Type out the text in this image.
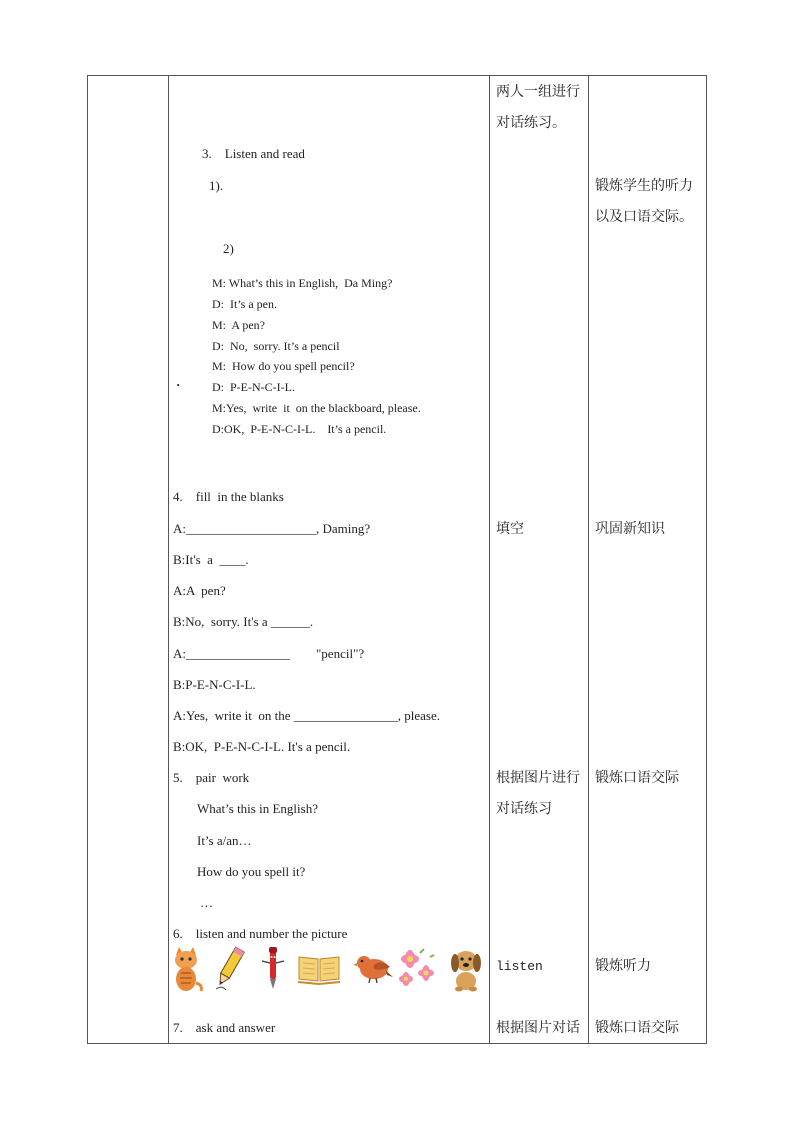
3.    Listen and read
1).
2)
M: What’s this in English,  Da Ming?
D:  It’s a pen.
M:  A pen?
D:  No,  sorry. It’s a pencil
M:  How do you spell pencil?
D:  P-E-N-C-I-L.
M:Yes,  write  it  on the blackboard, please.
D:OK,  P-E-N-C-I-L.    It’s a pencil.
·
4.    fill  in the blanks
A:____________________, Daming?
B:It's  a  ____.
A:A  pen?
B:No,  sorry. It's a ______.
A:________________        "pencil"?
B:P-E-N-C-I-L.
A:Yes,  write it  on the ________________, please.
B:OK,  P-E-N-C-I-L. It's a pencil.
5.    pair  work
What’s this in English?
It’s a/an…
How do you spell it?
…
6.    listen and number the picture
7.    ask and answer
两人一组进行
对话练习。
填空
根据图片进行
对话练习
listen
根据图片对话
锻炼学生的听力
以及口语交际。
巩固新知识
锻炼口语交际
锻炼听力
锻炼口语交际
